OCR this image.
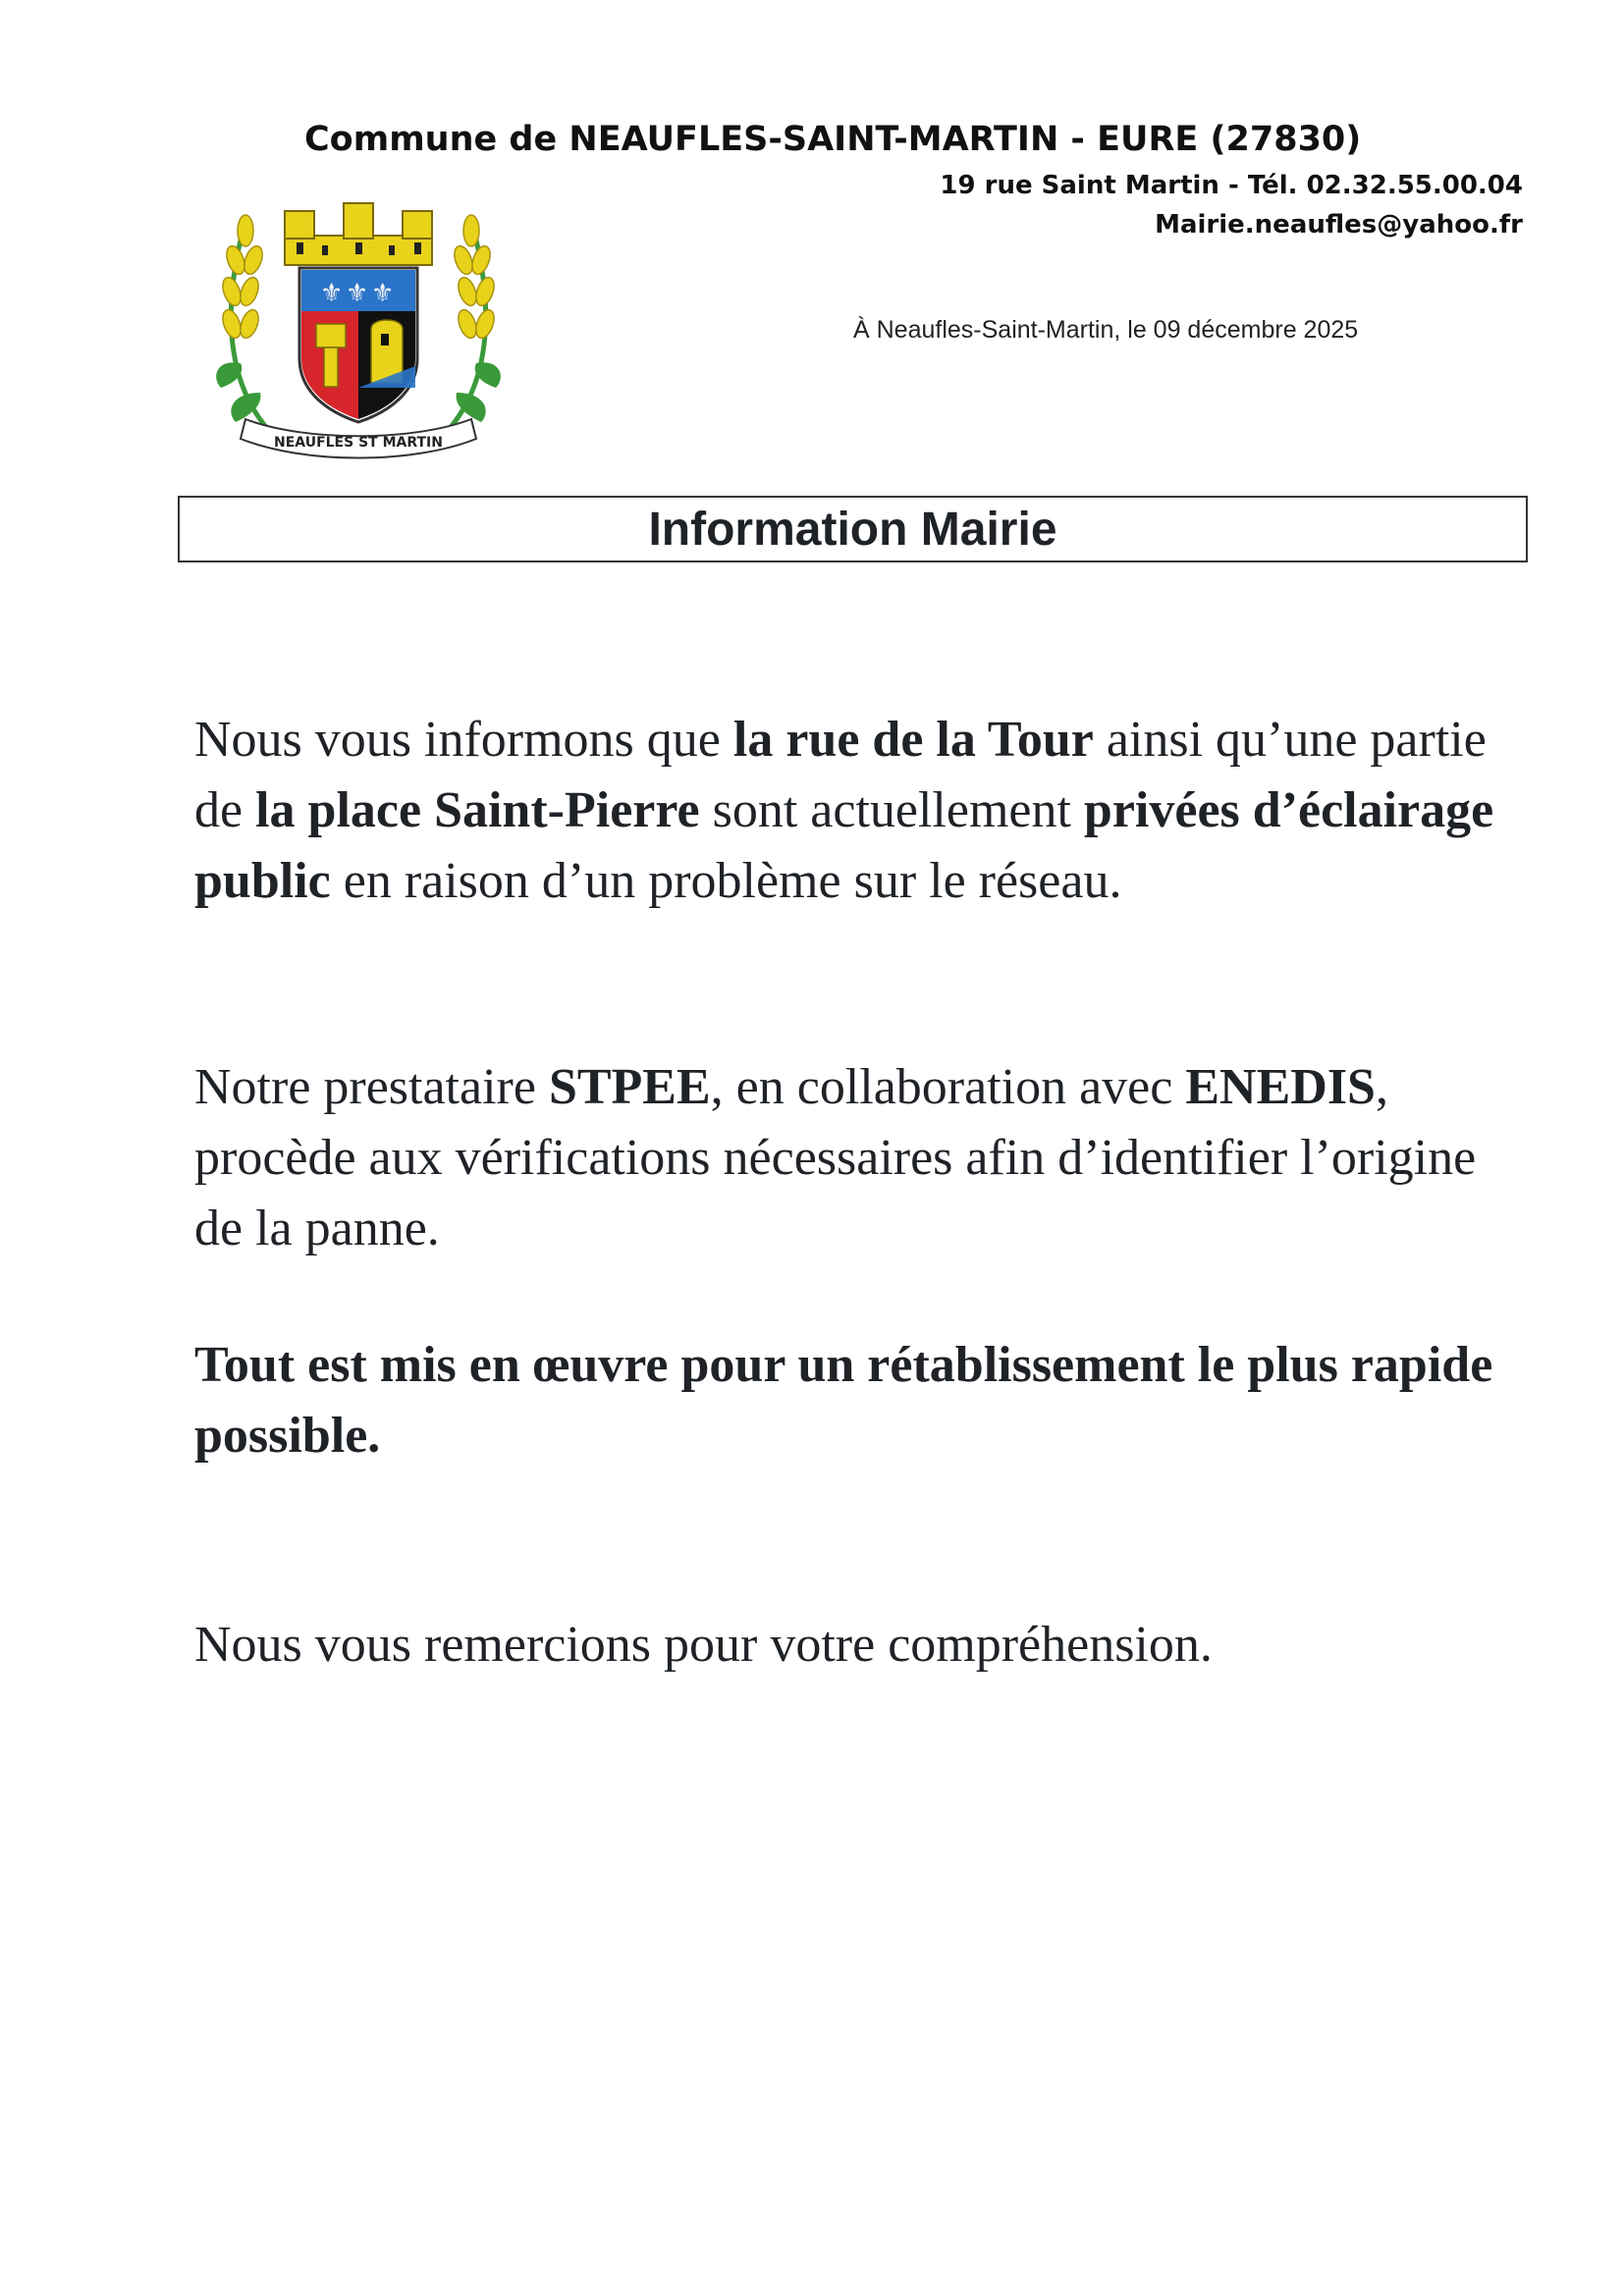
Commune de NEAUFLES-SAINT-MARTIN - EURE (27830)
19 rue Saint Martin - Tél. 02.32.55.00.04
Mairie.neaufles@yahoo.fr
⚜ ⚜ ⚜
NEAUFLES ST MARTIN
À Neaufles-Saint-Martin, le 09 décembre 2025
Information Mairie
Nous vous informons que la rue de la Tour ainsi qu’une partie de la place Saint-Pierre sont actuellement privées d’éclairage public en raison d’un problème sur le réseau.
Notre prestataire STPEE, en collaboration avec ENEDIS, procède aux vérifications nécessaires afin d’identifier l’origine de la panne.
Tout est mis en œuvre pour un rétablissement le plus rapide possible.
Nous vous remercions pour votre compréhension.
